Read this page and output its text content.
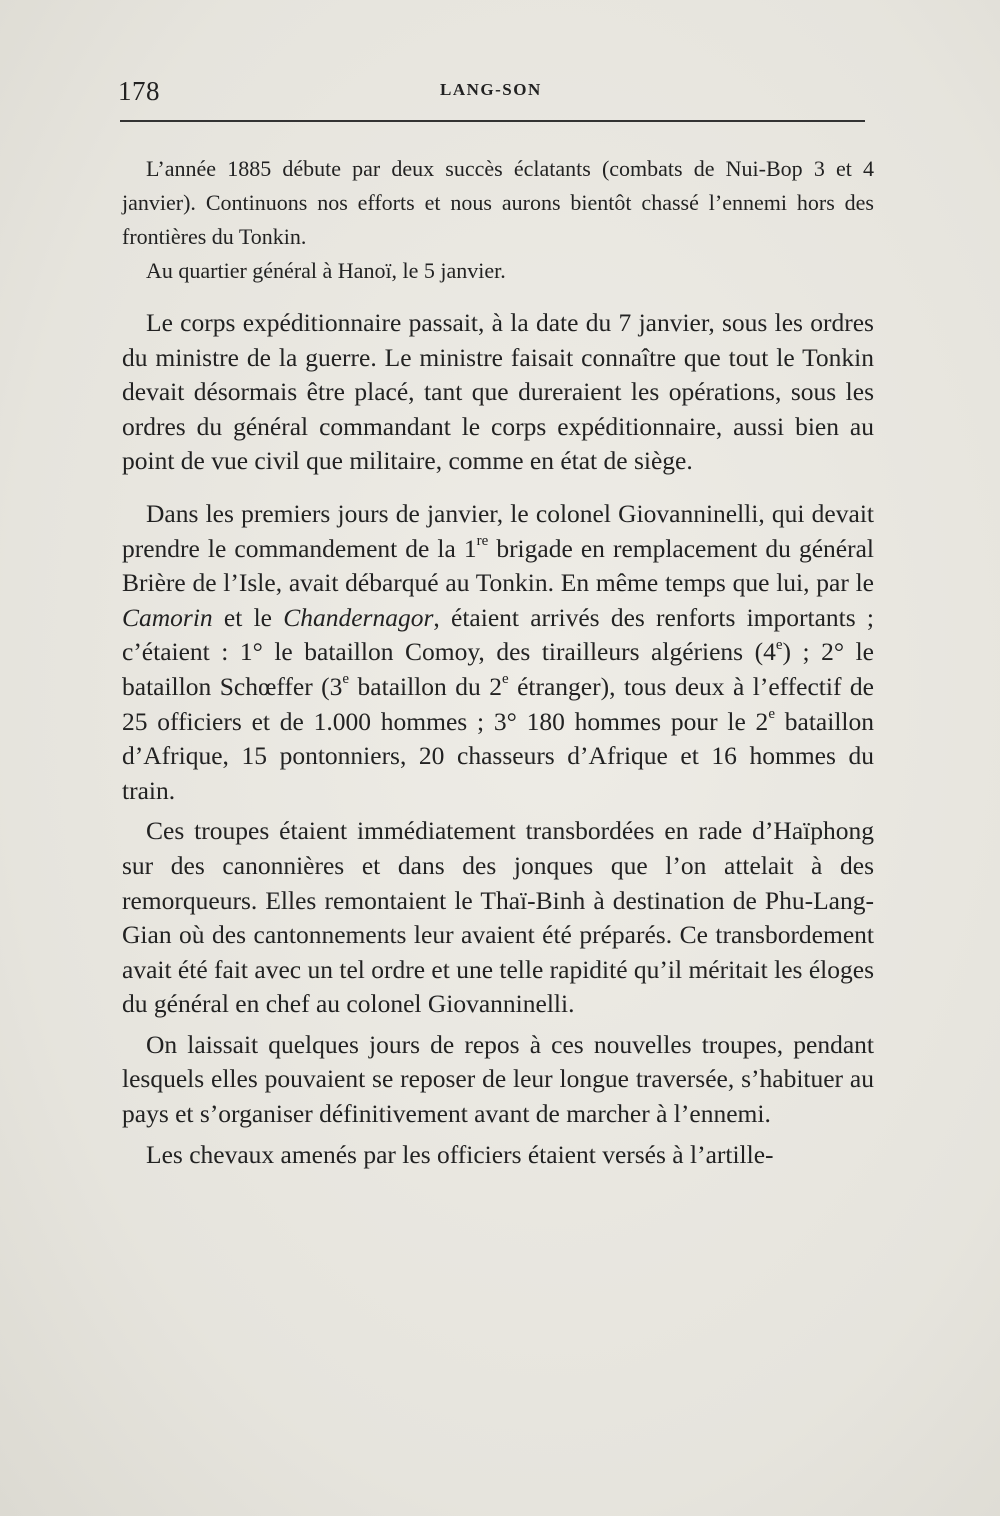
178	LANG-SON

L’année 1885 débute par deux succès éclatants (combats de Nui-Bop 3 et 4 janvier). Continuons nos efforts et nous aurons bientôt chassé l’ennemi hors des frontières du Tonkin.

Au quartier général à Hanoï, le 5 janvier.

Le corps expéditionnaire passait, à la date du 7 janvier, sous les ordres du ministre de la guerre. Le ministre faisait connaître que tout le Tonkin devait désormais être placé, tant que dureraient les opérations, sous les ordres du général commandant le corps expéditionnaire, aussi bien au point de vue civil que militaire, comme en état de siège.

Dans les premiers jours de janvier, le colonel Giovanninelli, qui devait prendre le commandement de la 1re brigade en remplacement du général Brière de l’Isle, avait débarqué au Tonkin. En même temps que lui, par le Camorin et le Chandernagor, étaient arrivés des renforts importants ; c’étaient : 1° le bataillon Comoy, des tirailleurs algériens (4e) ; 2° le bataillon Schœffer (3e bataillon du 2e étranger), tous deux à l’effectif de 25 officiers et de 1.000 hommes ; 3° 180 hommes pour le 2e bataillon d’Afrique, 15 pontonniers, 20 chasseurs d’Afrique et 16 hommes du train.

Ces troupes étaient immédiatement transbordées en rade d’Haïphong sur des canonnières et dans des jonques que l’on attelait à des remorqueurs. Elles remontaient le Thaï-Binh à destination de Phu-Lang-Gian où des cantonnements leur avaient été préparés. Ce transbordement avait été fait avec un tel ordre et une telle rapidité qu’il méritait les éloges du général en chef au colonel Giovanninelli.

On laissait quelques jours de repos à ces nouvelles troupes, pendant lesquels elles pouvaient se reposer de leur longue traversée, s’habituer au pays et s’organiser définitivement avant de marcher à l’ennemi.

Les chevaux amenés par les officiers étaient versés à l’artille-
